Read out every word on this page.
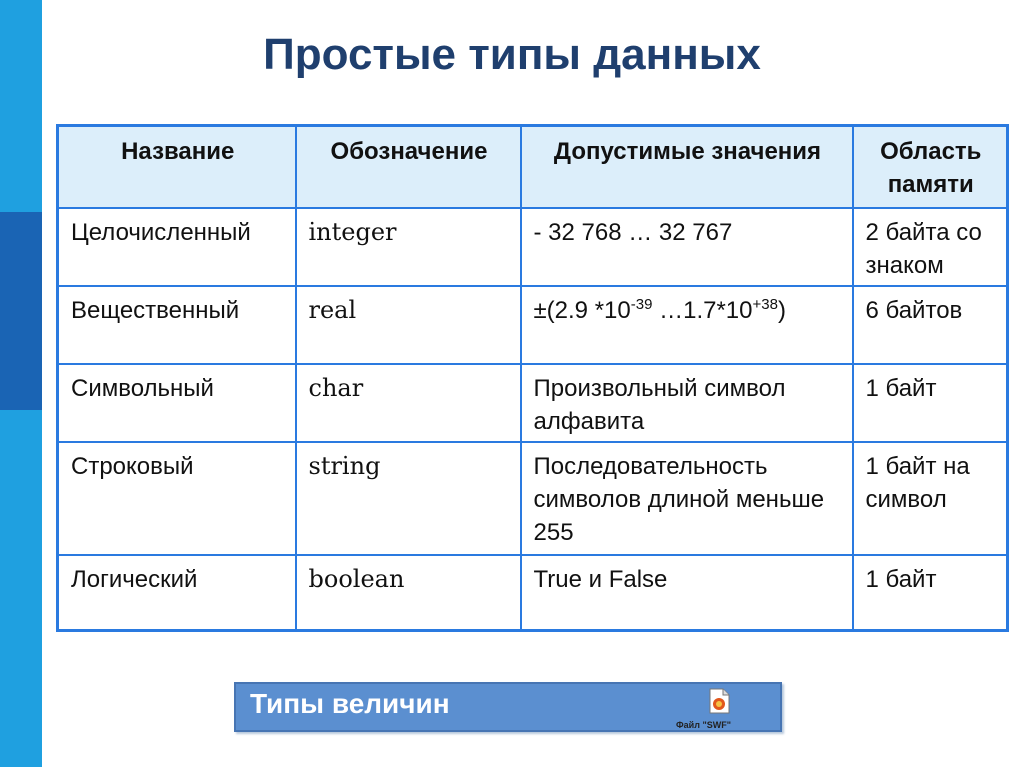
Простые типы данных
Название	Обозначение	Допустимые значения	Область памяти
Целочисленный	integer	- 32 768 … 32 767	2 байта со знаком
Вещественный	real	±(2.9 $*10^{-39}$ $\dots 1.7*10^{+38}$)	6 байтов
Символьный	char	Произвольный символ алфавита	1 байт
Строковый	string	Последовательность символов длиной меньше 255	1 байт на символ
Логический	boolean	True и False	1 байт
Типы величин
Файл "SWF"
